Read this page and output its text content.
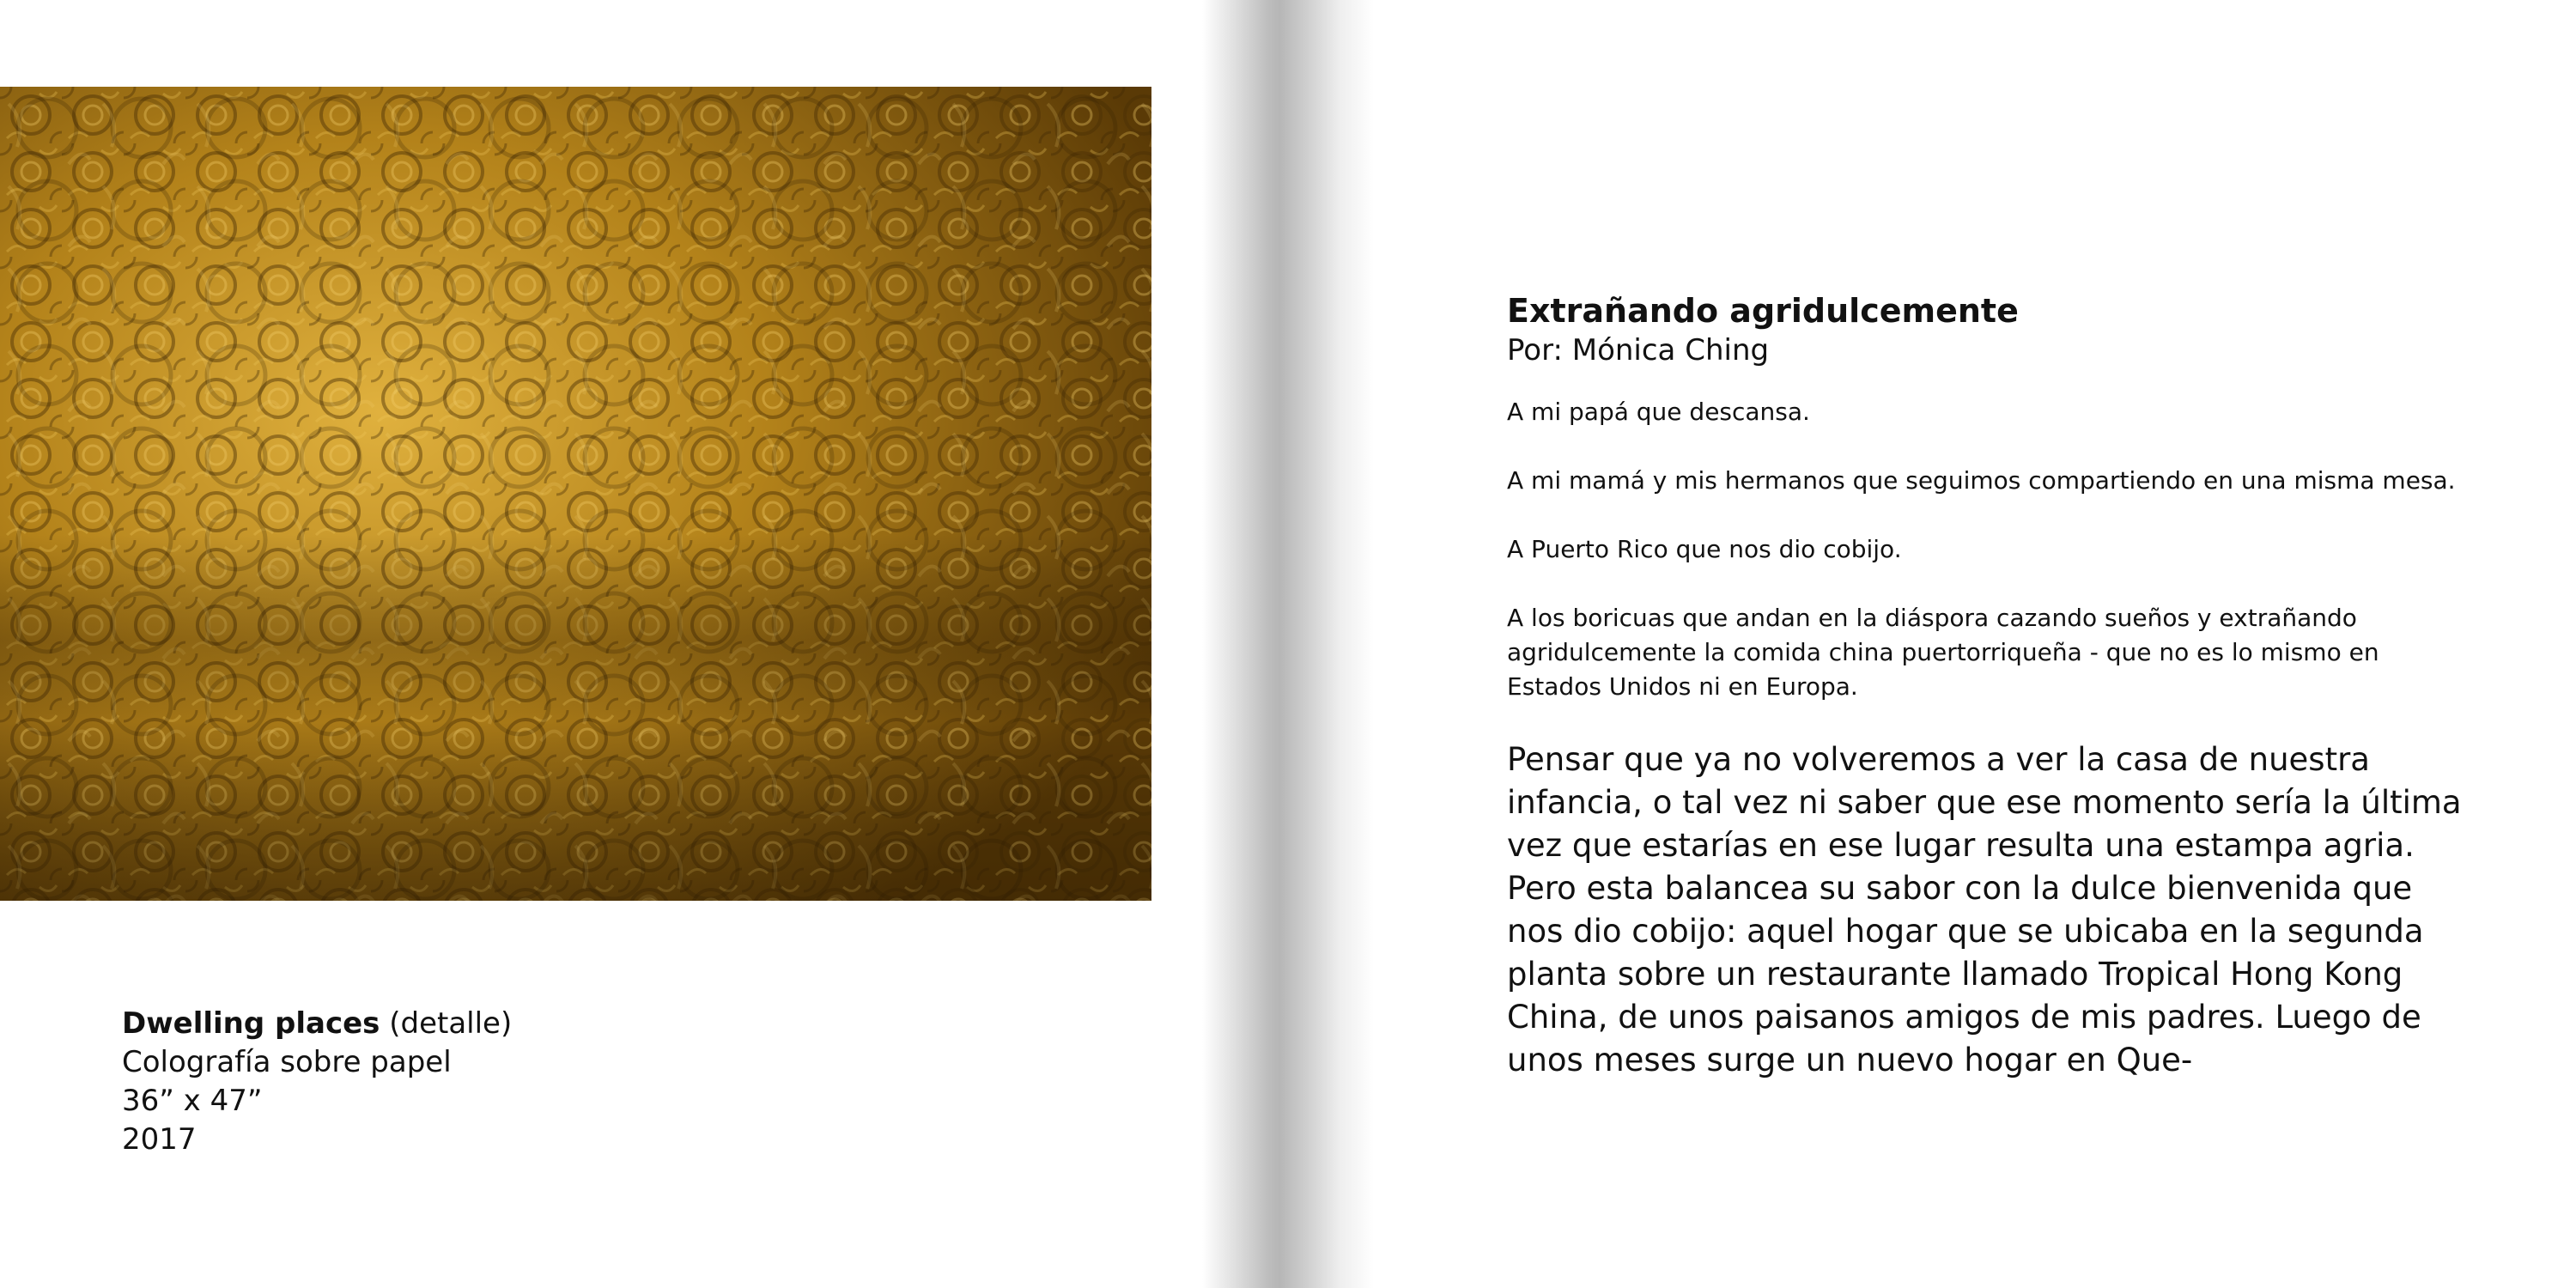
Dwelling places (detalle)
Colografía sobre papel
36” x 47”
2017
Extrañando agridulcemente
Por: Mónica Ching

A mi papá que descansa.

A mi mamá y mis hermanos que seguimos compartiendo en una misma mesa.

A Puerto Rico que nos dio cobijo.

A los boricuas que andan en la diáspora cazando sueños y extrañando agridulcemente la comida china puertorriqueña - que no es lo mismo en Estados Unidos ni en Europa.

Pensar que ya no volveremos a ver la casa de nuestra infancia, o tal vez ni saber que ese momento sería la última vez que estarías en ese lugar resulta una estampa agria. Pero esta balancea su sabor con la dulce bienvenida que nos dio cobijo: aquel hogar que se ubicaba en la segunda planta sobre un restaurante llamado Tropical Hong Kong China, de unos paisanos amigos de mis padres. Luego de unos meses surge un nuevo hogar en Que-
